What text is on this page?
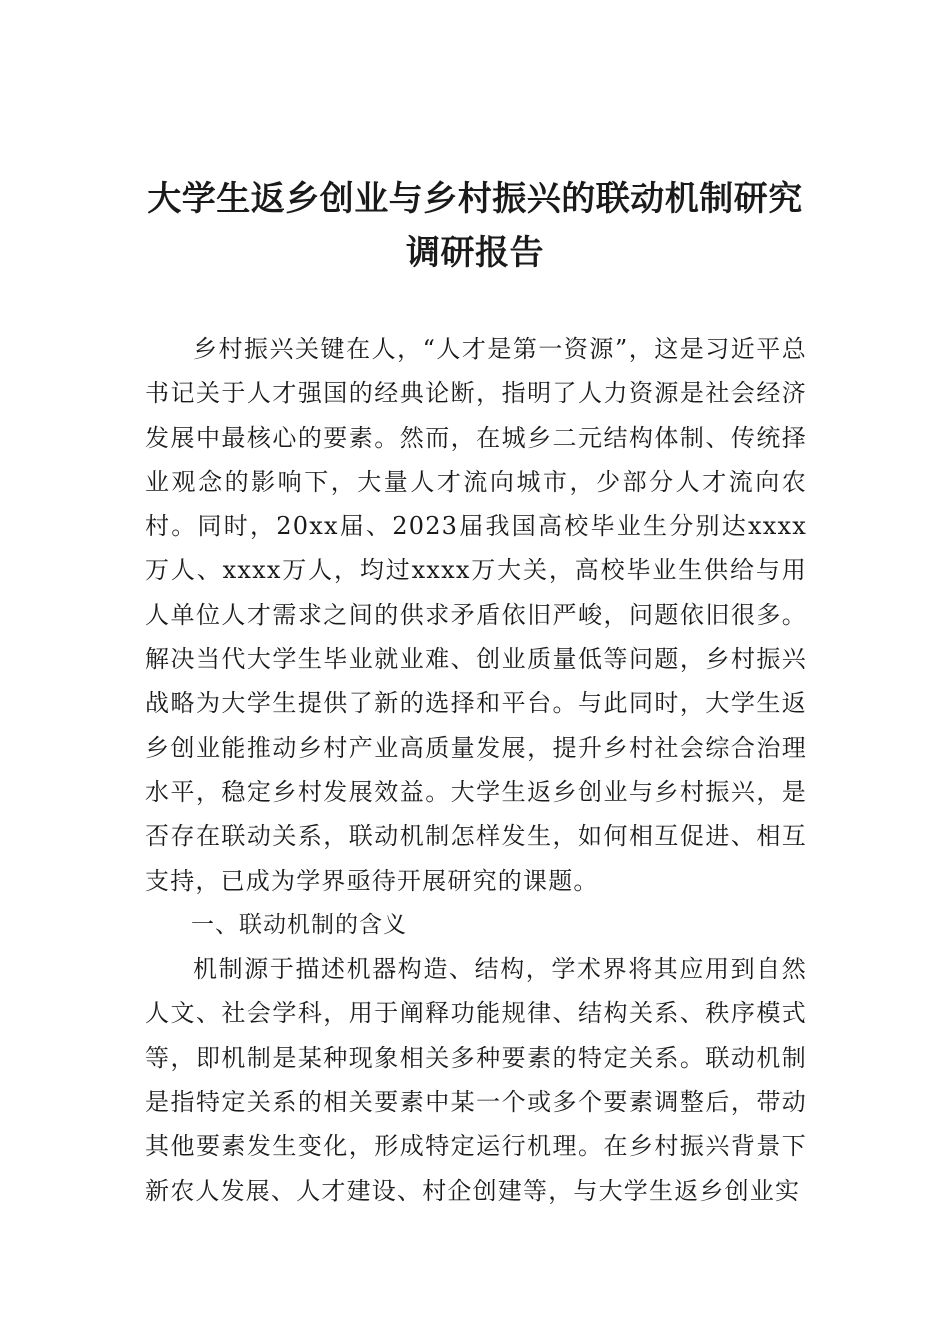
大学生返乡创业与乡村振兴的联动机制研究调研报告

乡村振兴关键在人，“人才是第一资源”，这是习近平总书记关于人才强国的经典论断，指明了人力资源是社会经济发展中最核心的要素。然而，在城乡二元结构体制、传统择业观念的影响下，大量人才流向城市，少部分人才流向农村。同时，20xx届、2023届我国高校毕业生分别达xxxx万人、xxxx万人，均过xxxx万大关，高校毕业生供给与用人单位人才需求之间的供求矛盾依旧严峻，问题依旧很多。解决当代大学生毕业就业难、创业质量低等问题，乡村振兴战略为大学生提供了新的选择和平台。与此同时，大学生返乡创业能推动乡村产业高质量发展，提升乡村社会综合治理水平，稳定乡村发展效益。大学生返乡创业与乡村振兴，是否存在联动关系，联动机制怎样发生，如何相互促进、相互支持，已成为学界亟待开展研究的课题。

一、联动机制的含义

机制源于描述机器构造、结构，学术界将其应用到自然人文、社会学科，用于阐释功能规律、结构关系、秩序模式等，即机制是某种现象相关多种要素的特定关系。联动机制是指特定关系的相关要素中某一个或多个要素调整后，带动其他要素发生变化，形成特定运行机理。在乡村振兴背景下新农人发展、人才建设、村企创建等，与大学生返乡创业实
